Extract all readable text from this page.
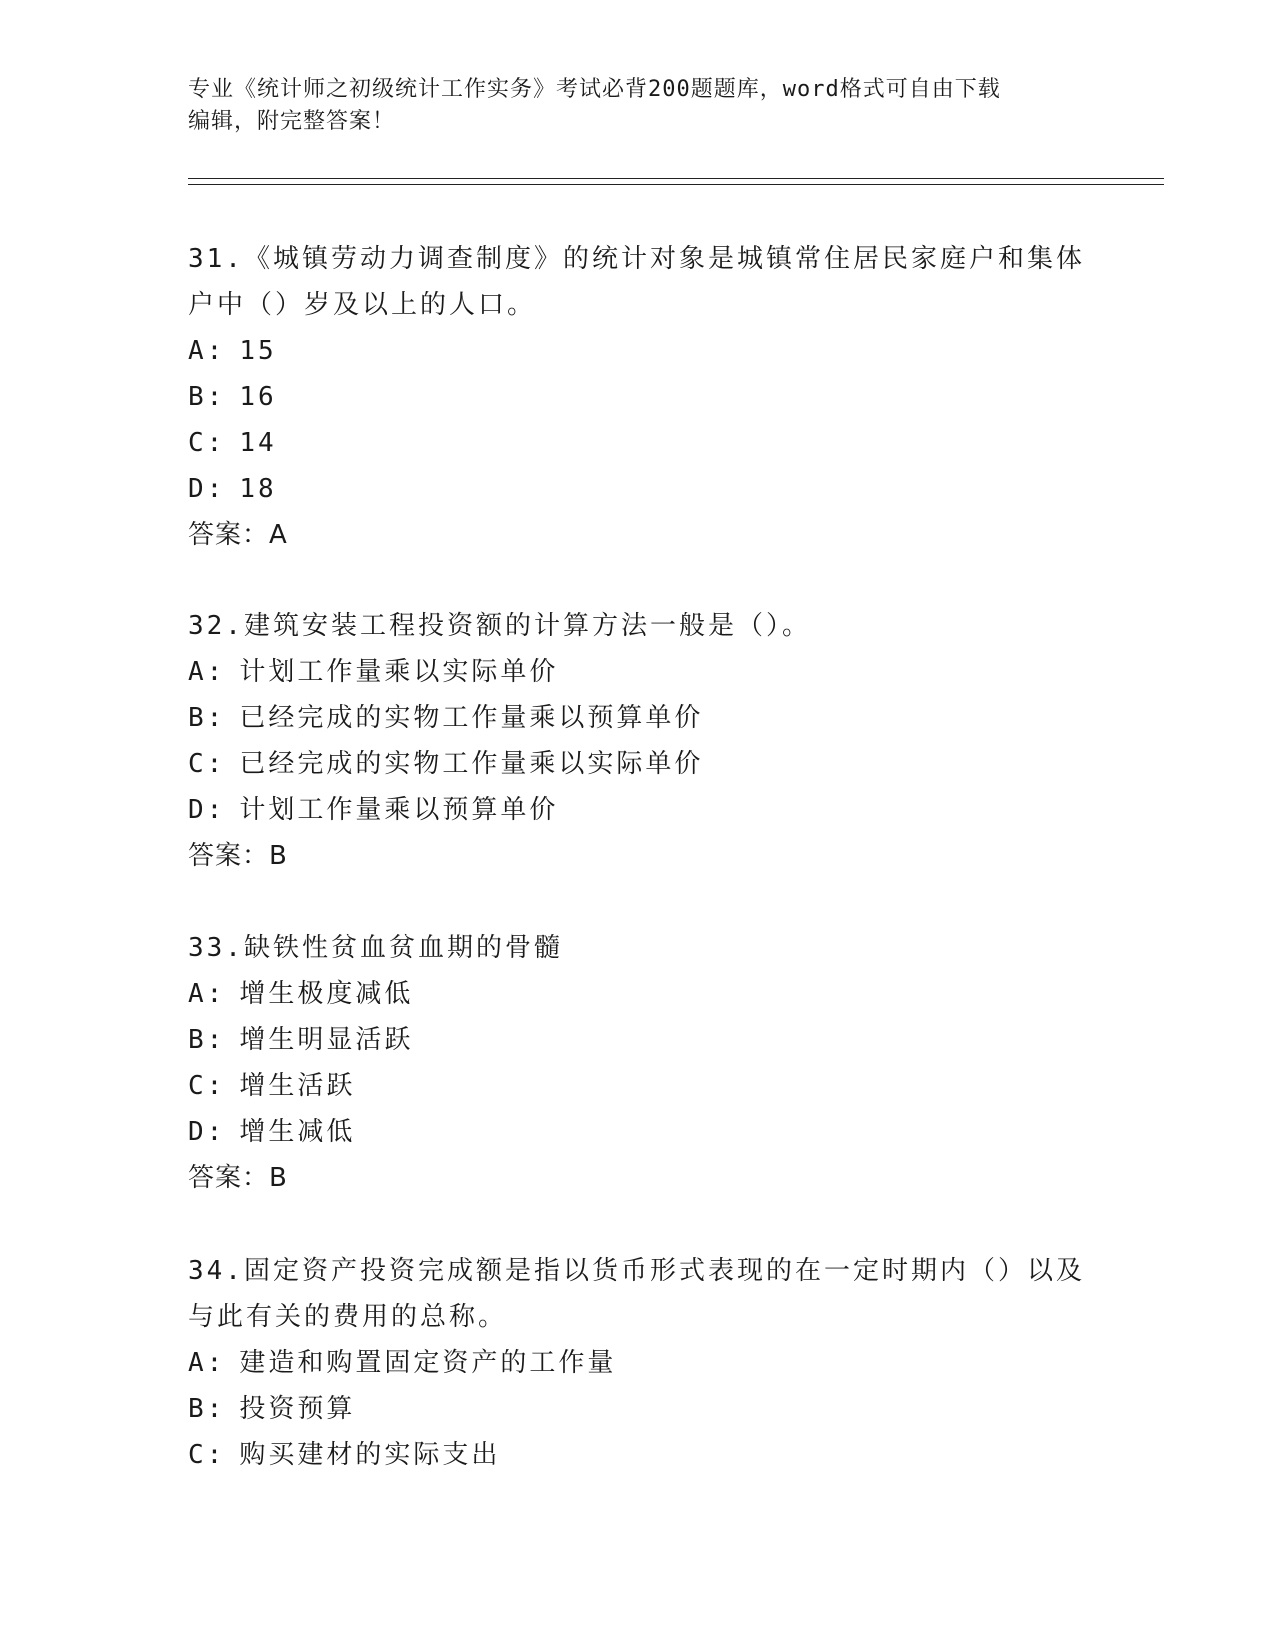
专业《统计师之初级统计工作实务》考试必背200题题库，word格式可自由下载
编辑，附完整答案！
31.《城镇劳动力调查制度》的统计对象是城镇常住居民家庭户和集体
户中（）岁及以上的人口。
A: 15
B: 16
C: 14
D: 18
答案：A
32.建筑安装工程投资额的计算方法一般是（）。
A: 计划工作量乘以实际单价
B: 已经完成的实物工作量乘以预算单价
C: 已经完成的实物工作量乘以实际单价
D: 计划工作量乘以预算单价
答案：B
33.缺铁性贫血贫血期的骨髓
A: 增生极度减低
B: 增生明显活跃
C: 增生活跃
D: 增生减低
答案：B
34.固定资产投资完成额是指以货币形式表现的在一定时期内（）以及
与此有关的费用的总称。
A: 建造和购置固定资产的工作量
B: 投资预算
C: 购买建材的实际支出
